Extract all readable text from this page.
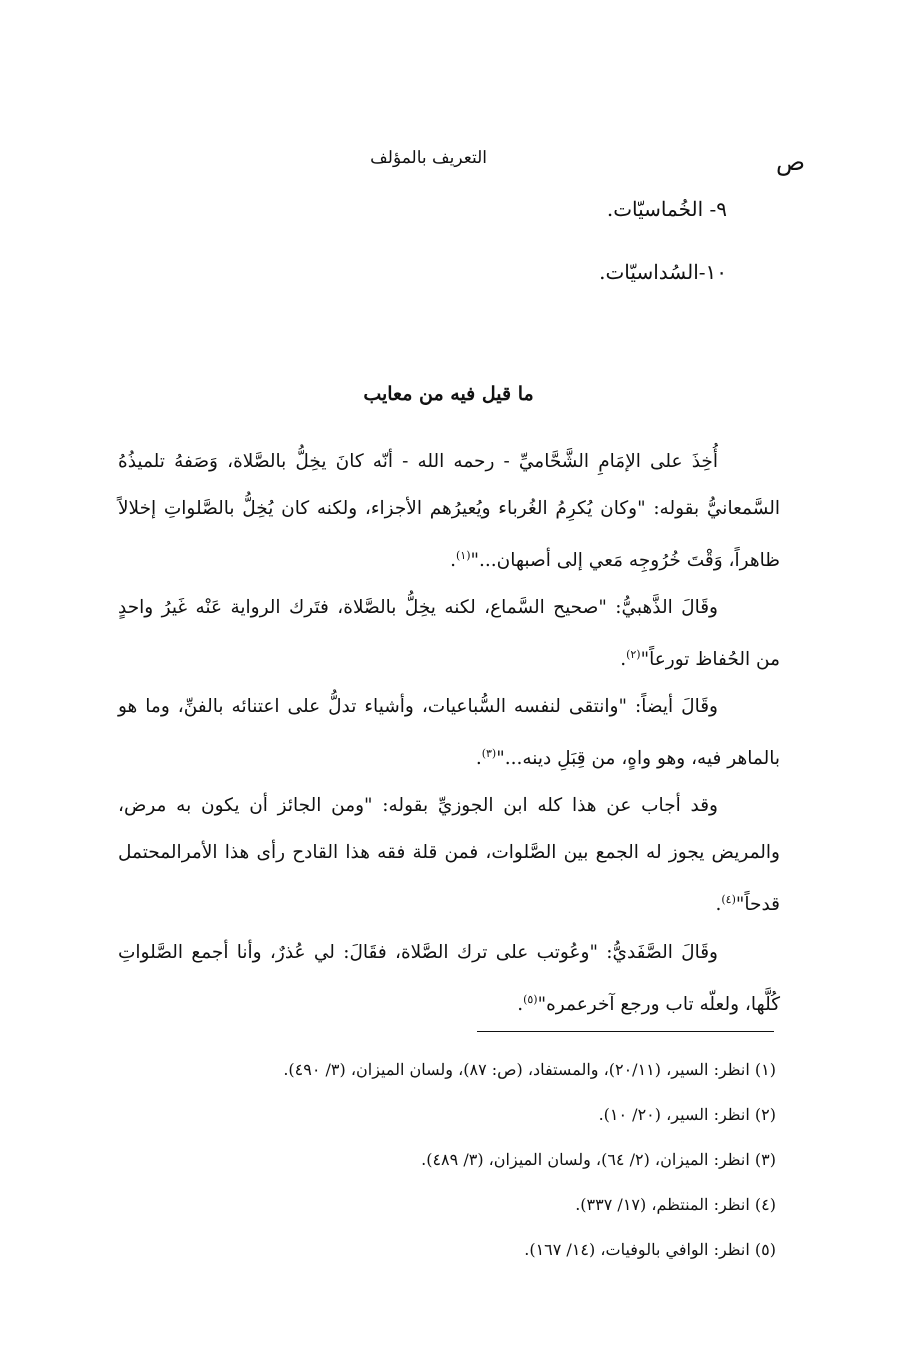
التعريف بالمؤلف	ص
٩- الخُماسيّات.
١٠-السُداسيّات.
ما قيل فيه من معايب

أُخِذَ على الإمَامِ الشَّحَّاميِّ - رحمه الله - أنّه كانَ يخِلُّ بالصَّلاة، وَصَفهُ تلميذُهُ السَّمعانيُّ بقوله: "وكان يُكرِمُ الغُرباء ويُعيرُهم الأجزاء، ولكنه كان يُخِلُّ بالصَّلواتِ إخلالاً ظاهراً، وَقْتَ خُرُوجِه مَعي إلى أصبهان..."$^{(١)}$.

وقَالَ الذَّهبيُّ: "صحيح السَّماع، لكنه يخِلُّ بالصَّلاة، فتَرك الرواية عَنْه غَيرُ واحدٍ من الحُفاظ تورعاً"$^{(٢)}$.

وقَالَ أيضاً: "وانتقى لنفسه السُّباعيات، وأشياء تدلُّ على اعتنائه بالفنِّ، وما هو بالماهر فيه، وهو واهٍ، من قِبَلِ دينه..."$^{(٣)}$.

وقد أجاب عن هذا كله ابن الجوزيِّ بقوله: "ومن الجائز أن يكون به مرض، والمريض يجوز له الجمع بين الصَّلوات، فمن قلة فقه هذا القادح رأى هذا الأمرالمحتمل قدحاً"$^{(٤)}$.

وقَالَ الصَّفَديُّ: "وعُوتب على ترك الصَّلاة، فقَالَ: لي عُذرٌ، وأنا أجمع الصَّلواتِ كُلَّها، ولعلّه تاب ورجع آخرعمره"$^{(٥)}$.

(١) انظر: السير، (٢٠/١١)، والمستفاد، (ص: ٨٧)، ولسان الميزان، (٣/ ٤٩٠).
(٢) انظر: السير، (٢٠/ ١٠).
(٣) انظر: الميزان، (٢/ ٦٤)، ولسان الميزان، (٣/ ٤٨٩).
(٤) انظر: المنتظم، (١٧/ ٣٣٧).
(٥) انظر: الوافي بالوفيات، (١٤/ ١٦٧).
